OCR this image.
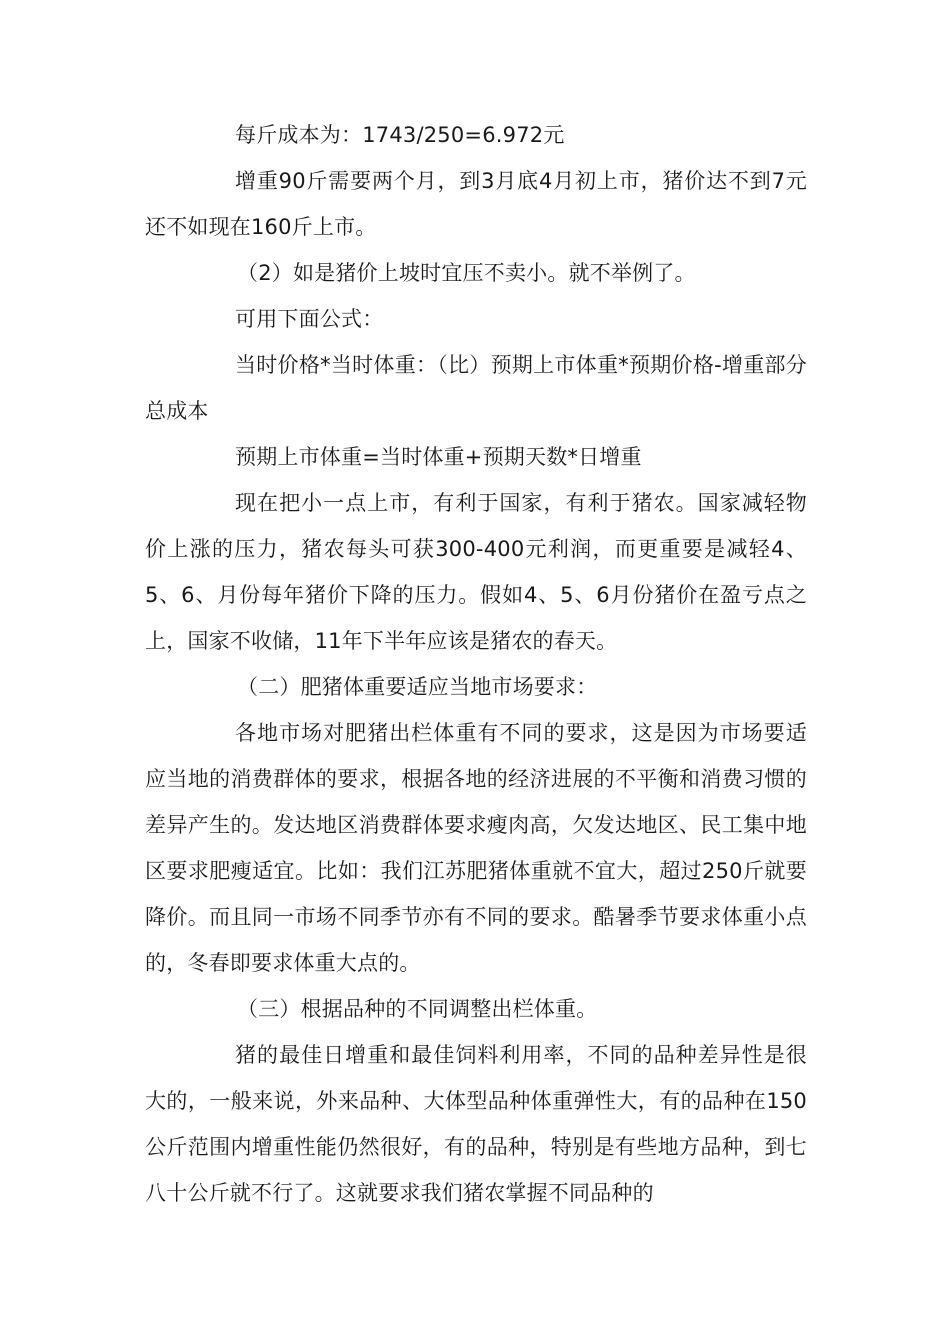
每斤成本为：1743/250=6.972元

增重90斤需要两个月，到3月底4月初上市，猪价达不到7元还不如现在160斤上市。

（2）如是猪价上坡时宜压不卖小。就不举例了。

可用下面公式：

当时价格*当时体重：（比）预期上市体重*预期价格-增重部分总成本

预期上市体重=当时体重+预期天数*日增重

现在把小一点上市，有利于国家，有利于猪农。国家减轻物价上涨的压力，猪农每头可获300-400元利润，而更重要是减轻4、5、6、月份每年猪价下降的压力。假如4、5、6月份猪价在盈亏点之上，国家不收储，11年下半年应该是猪农的春天。

（二）肥猪体重要适应当地市场要求：

各地市场对肥猪出栏体重有不同的要求，这是因为市场要适应当地的消费群体的要求，根据各地的经济进展的不平衡和消费习惯的差异产生的。发达地区消费群体要求瘦肉高，欠发达地区、民工集中地区要求肥瘦适宜。比如：我们江苏肥猪体重就不宜大，超过250斤就要降价。而且同一市场不同季节亦有不同的要求。酷暑季节要求体重小点的，冬春即要求体重大点的。

（三）根据品种的不同调整出栏体重。

猪的最佳日增重和最佳饲料利用率，不同的品种差异性是很大的，一般来说，外来品种、大体型品种体重弹性大，有的品种在150公斤范围内增重性能仍然很好，有的品种，特别是有些地方品种，到七八十公斤就不行了。这就要求我们猪农掌握不同品种的
